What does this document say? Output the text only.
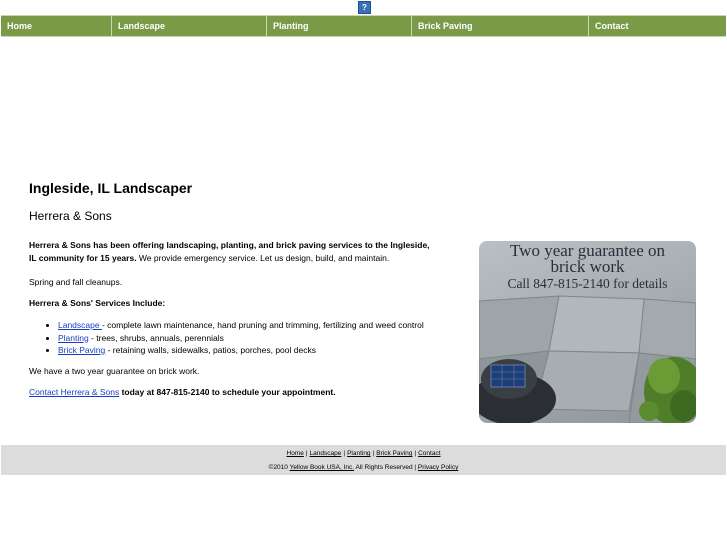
?
Home	Landscape	Planting	Brick Paving	Contact
Ingleside, IL Landscaper
Herrera & Sons
Herrera & Sons has been offering landscaping, planting, and brick paving services to the Ingleside, IL community for 15 years. We provide emergency service. Let us design, build, and maintain.
Spring and fall cleanups.
Herrera & Sons' Services Include:
• Landscape - complete lawn maintenance, hand pruning and trimming, fertilizing and weed control
• Planting - trees, shrubs, annuals, perennials
• Brick Paving - retaining walls, sidewalks, patios, porches, pool decks
We have a two year guarantee on brick work.
Contact Herrera & Sons today at 847-815-2140 to schedule your appointment.
Two year guarantee on
brick work
Call 847-815-2140 for details
Home | Landscape | Planting | Brick Paving | Contact
©2010 Yellow Book USA, Inc. All Rights Reserved | Privacy Policy
